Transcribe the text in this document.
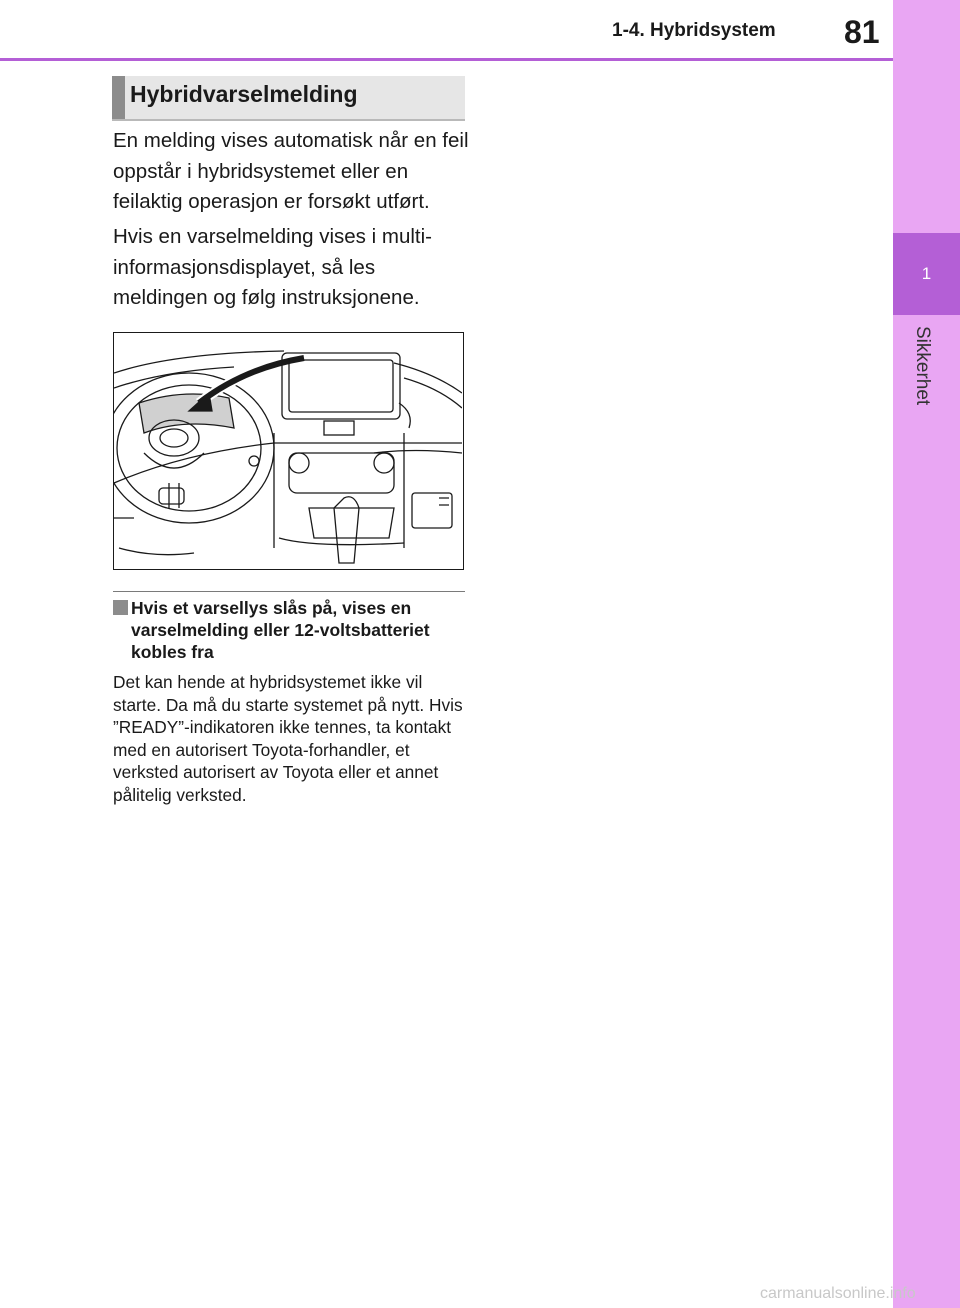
1
Sikkerhet
1-4. Hybridsystem 81
Hybridvarselmelding

En melding vises automatisk når en feil oppstår i hybridsystemet eller en feilaktig operasjon er forsøkt utført.

Hvis en varselmelding vises i multi-informasjonsdisplayet, så les meldingen og følg instruksjonene.

Hvis et varsellys slås på, vises en varselmelding eller 12-voltsbatteriet kobles fra

Det kan hende at hybridsystemet ikke vil starte. Da må du starte systemet på nytt. Hvis ”READY”-indikatoren ikke tennes, ta kontakt med en autorisert Toyota-forhandler, et verksted autorisert av Toyota eller et annet pålitelig verksted.

carmanualsonline.info
